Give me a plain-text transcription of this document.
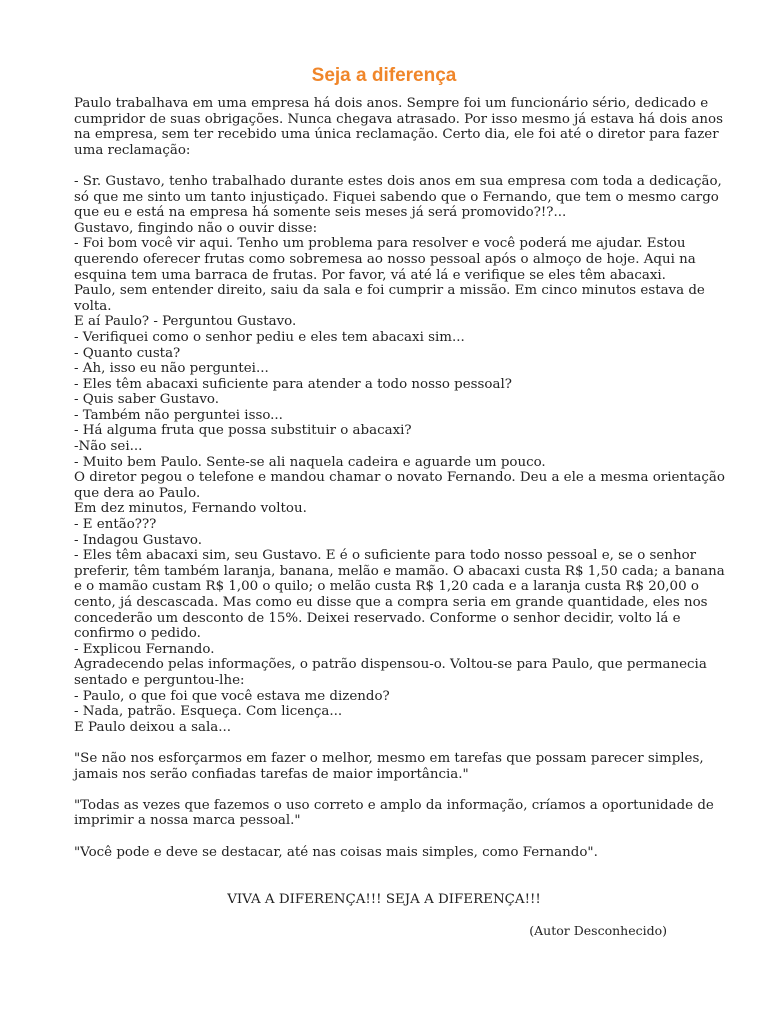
Seja a diferença
Paulo trabalhava em uma empresa há dois anos. Sempre foi um funcionário sério, dedicado e
cumpridor de suas obrigações. Nunca chegava atrasado. Por isso mesmo já estava há dois anos
na empresa, sem ter recebido uma única reclamação. Certo dia, ele foi até o diretor para fazer
uma reclamação:
- Sr. Gustavo, tenho trabalhado durante estes dois anos em sua empresa com toda a dedicação,
só que me sinto um tanto injustiçado. Fiquei sabendo que o Fernando, que tem o mesmo cargo
que eu e está na empresa há somente seis meses já será promovido?!?...
Gustavo, fingindo não o ouvir disse:
- Foi bom você vir aqui. Tenho um problema para resolver e você poderá me ajudar. Estou
querendo oferecer frutas como sobremesa ao nosso pessoal após o almoço de hoje. Aqui na
esquina tem uma barraca de frutas. Por favor, vá até lá e verifique se eles têm abacaxi.
Paulo, sem entender direito, saiu da sala e foi cumprir a missão. Em cinco minutos estava de
volta.
E aí Paulo? - Perguntou Gustavo.
- Verifiquei como o senhor pediu e eles tem abacaxi sim...
- Quanto custa?
- Ah, isso eu não perguntei...
- Eles têm abacaxi suficiente para atender a todo nosso pessoal?
- Quis saber Gustavo.
- Também não perguntei isso...
- Há alguma fruta que possa substituir o abacaxi?
-Não sei...
- Muito bem Paulo. Sente-se ali naquela cadeira e aguarde um pouco.
O diretor pegou o telefone e mandou chamar o novato Fernando. Deu a ele a mesma orientação
que dera ao Paulo.
Em dez minutos, Fernando voltou.
- E então???
- Indagou Gustavo.
- Eles têm abacaxi sim, seu Gustavo. E é o suficiente para todo nosso pessoal e, se o senhor
preferir, têm também laranja, banana, melão e mamão. O abacaxi custa R$ 1,50 cada; a banana
e o mamão custam R$ 1,00 o quilo; o melão custa R$ 1,20 cada e a laranja custa R$ 20,00 o
cento, já descascada. Mas como eu disse que a compra seria em grande quantidade, eles nos
concederão um desconto de 15%. Deixei reservado. Conforme o senhor decidir, volto lá e
confirmo o pedido.
- Explicou Fernando.
Agradecendo pelas informações, o patrão dispensou-o. Voltou-se para Paulo, que permanecia
sentado e perguntou-lhe:
- Paulo, o que foi que você estava me dizendo?
- Nada, patrão. Esqueça. Com licença...
E Paulo deixou a sala...
"Se não nos esforçarmos em fazer o melhor, mesmo em tarefas que possam parecer simples,
jamais nos serão confiadas tarefas de maior importância."
"Todas as vezes que fazemos o uso correto e amplo da informação, críamos a oportunidade de
imprimir a nossa marca pessoal."
"Você pode e deve se destacar, até nas coisas mais simples, como Fernando".
VIVA A DIFERENÇA!!! SEJA A DIFERENÇA!!!
(Autor Desconhecido)
